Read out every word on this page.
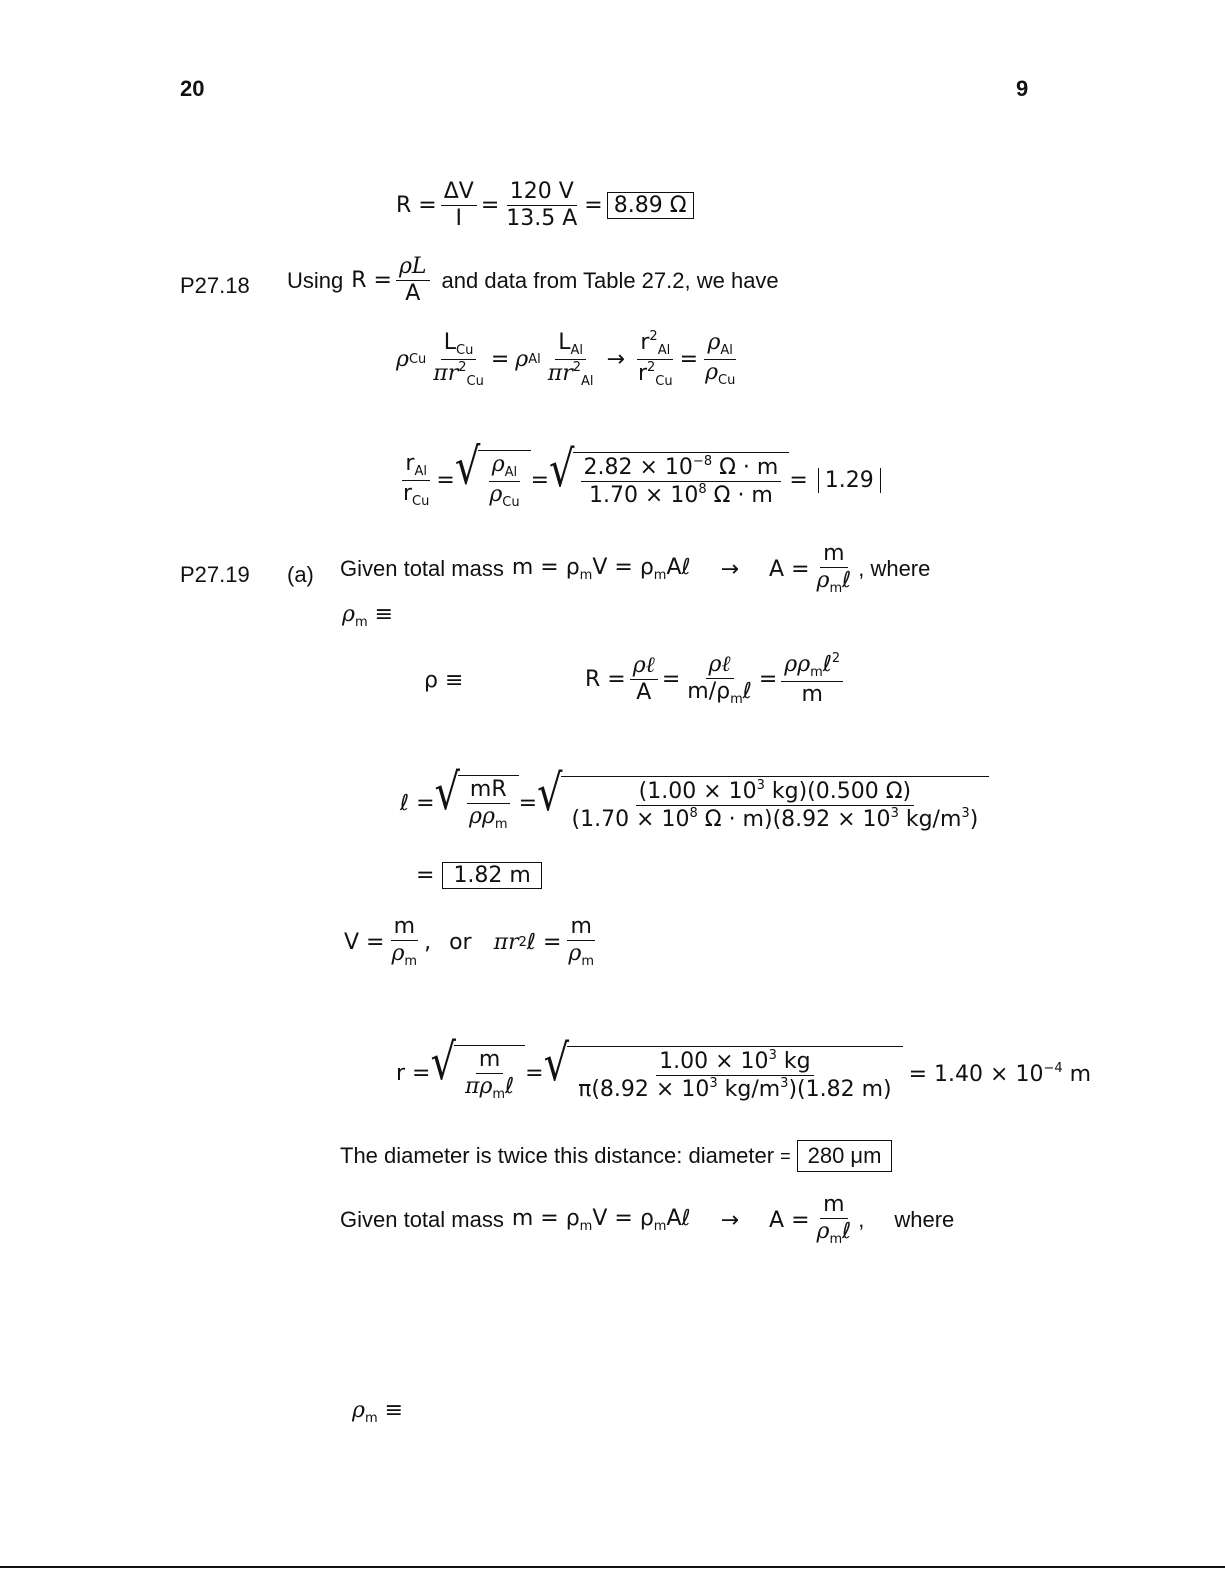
20	9
$R = \frac{\Delta V}{I} = \frac{120 V}{13.5 A} = 8.89$ Ω
P27.18 Using $R = \frac{\rho L}{A}$ and data from Table 27.2, we have
ρ Cu $\frac{L_{Cu}}{\pi r^2_{Cu}} = \rho$ Al $\frac{L_{Al}}{\pi r^2_{Al}} \to \frac{r^2_{Al}}{r^2_{Cu}} = \frac{\rho_{Al}}{\rho_{Cu}}$
$\frac{r_{Al}}{r_{Cu}}$ = √ $\frac{\rho_{Al}}{\rho_{Cu}}$ = √ $\frac{2.82 \times 10^{-8} \Omega \cdot m}{1.70 \times 10^8 \Omega \cdot m} = 1.29$
P27.19 (a) Given total mass $m = \rho_mV$ = $\rho_mA\ell \to A = \frac{m}{\rho_m\ell}$ , where
$\rho_m$ ≡
ρ ≡	$R = \frac{\text{ρℓ}}{A} = \frac{\text{ρℓ}}{m/\rho_m\ell} = \frac{\rho\rho_m\ell^2}{m}$
ℓ = √ $\frac{mR}{\rho\rho_m}$ = √ $\frac{(1.00 \times 10^3 kg)(0.500 \Omega)}{(1.70 \times 10^8 \Omega \cdot m)(8.92 \times 10^3 kg/m^3)}$
= 1.82 m
$V = \frac{m}{\rho_m}$ , or πr 2 ℓ = $\frac{m}{\rho_m}$
r = √ $\frac{m}{\pi\rho_m\ell}$ = √ $\frac{1.00 \times 10^3 kg}{\pi(8.92 \times 10^3 kg/m^3)(1.82 m)} = 1.40 \times 10^{-4}$ m
The diameter is twice this distance: diameter = 280 μm
Given total mass $m = \rho_mV$ = $\rho_mA\ell \to A = \frac{m}{\rho_m\ell}$ , where
$\rho_m$ ≡
